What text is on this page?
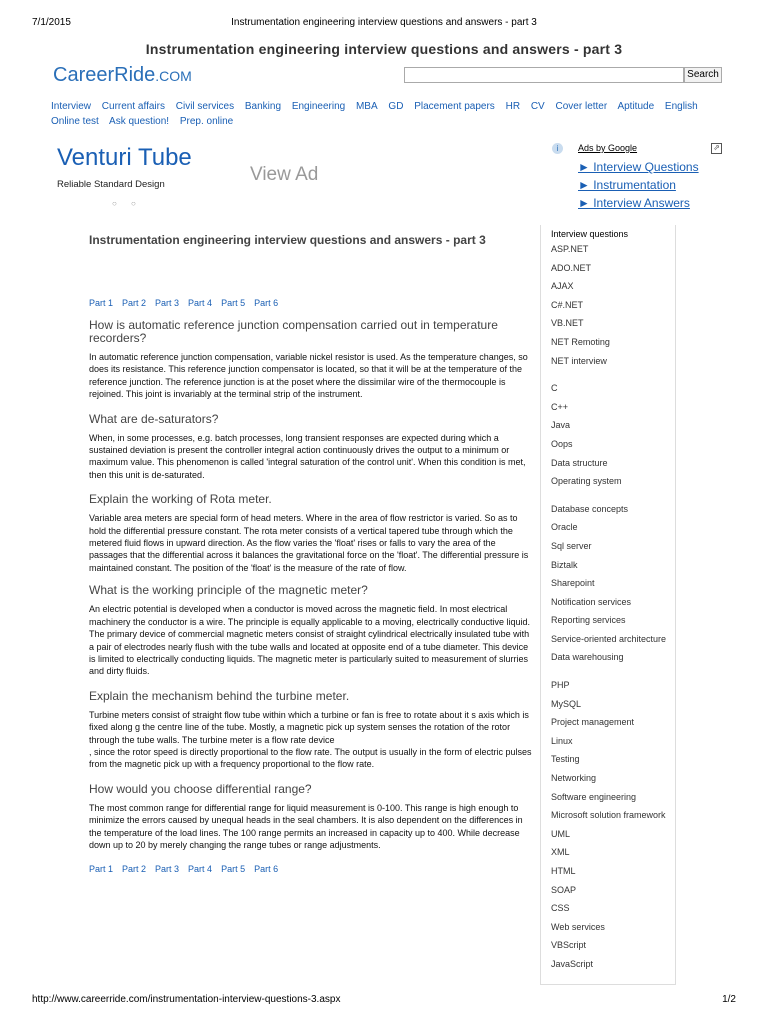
7/1/2015	Instrumentation engineering interview questions and answers - part 3
Instrumentation engineering interview questions and answers - part 3
CareerRide.COM	Search
Interview Current affairs Civil services Banking Engineering MBA GD Placement papers HR CV Cover letter Aptitude English Online test Ask question! Prep. online
Venturi Tube
Reliable Standard Design	View Ad
○ ○
i	Ads by Google	⇗
► Interview Questions
► Instrumentation
► Interview Answers
Instrumentation engineering interview questions and answers - part 3
Part 1 Part 2 Part 3 Part 4 Part 5 Part 6
How is automatic reference junction compensation carried out in temperature recorders?
In automatic reference junction compensation, variable nickel resistor is used. As the temperature changes, so does its resistance. This reference junction compensator is located, so that it will be at the temperature of the reference junction. The reference junction is at the poset where the dissimilar wire of the thermocouple is rejoined. This joint is invariably at the terminal strip of the instrument.
What are de-saturators?
When, in some processes, e.g. batch processes, long transient responses are expected during which a sustained deviation is present the controller integral action continuously drives the output to a minimum or maximum value. This phenomenon is called 'integral saturation of the control unit'. When this condition is met, then this unit is de-saturated.
Explain the working of Rota meter.
Variable area meters are special form of head meters. Where in the area of flow restrictor is varied. So as to hold the differential pressure constant. The rota meter consists of a vertical tapered tube through which the metered fluid flows in upward direction. As the flow varies the 'float' rises or falls to vary the area of the passages that the differential across it balances the gravitational force on the 'float'. The differential pressure is maintained constant. The position of the 'float' is the measure of the rate of flow.
What is the working principle of the magnetic meter?
An electric potential is developed when a conductor is moved across the magnetic field. In most electrical machinery the conductor is a wire. The principle is equally applicable to a moving, electrically conductive liquid. The primary device of commercial magnetic meters consist of straight cylindrical electrically insulated tube with a pair of electrodes nearly flush with the tube walls and located at opposite end of a tube diameter. This device is limited to electrically conducting liquids. The magnetic meter is particularly suited to measurement of slurries and dirty fluids.
Explain the mechanism behind the turbine meter.
Turbine meters consist of straight flow tube within which a turbine or fan is free to rotate about it s axis which is fixed along g the centre line of the tube. Mostly, a magnetic pick up system senses the rotation of the rotor through the tube walls. The turbine meter is a flow rate device
, since the rotor speed is directly proportional to the flow rate. The output is usually in the form of electric pulses from the magnetic pick up with a frequency proportional to the flow rate.
How would you choose differential range?
The most common range for differential range for liquid measurement is 0-100. This range is high enough to minimize the errors caused by unequal heads in the seal chambers. It is also dependent on the differences in the temperature of the load lines. The 100 range permits an increased in capacity up to 400. While decrease down up to 20 by merely changing the range tubes or range adjustments.
Part 1 Part 2 Part 3 Part 4 Part 5 Part 6
Interview questions
ASP.NET
ADO.NET
AJAX
C#.NET
VB.NET
NET Remoting
NET interview
C
C++
Java
Oops
Data structure
Operating system
Database concepts
Oracle
Sql server
Biztalk
Sharepoint
Notification services
Reporting services
Service-oriented architecture
Data warehousing
PHP
MySQL
Project management
Linux
Testing
Networking
Software engineering
Microsoft solution framework
UML
XML
HTML
SOAP
CSS
Web services
VBScript
JavaScript
http://www.careerride.com/instrumentation-interview-questions-3.aspx	1/2
